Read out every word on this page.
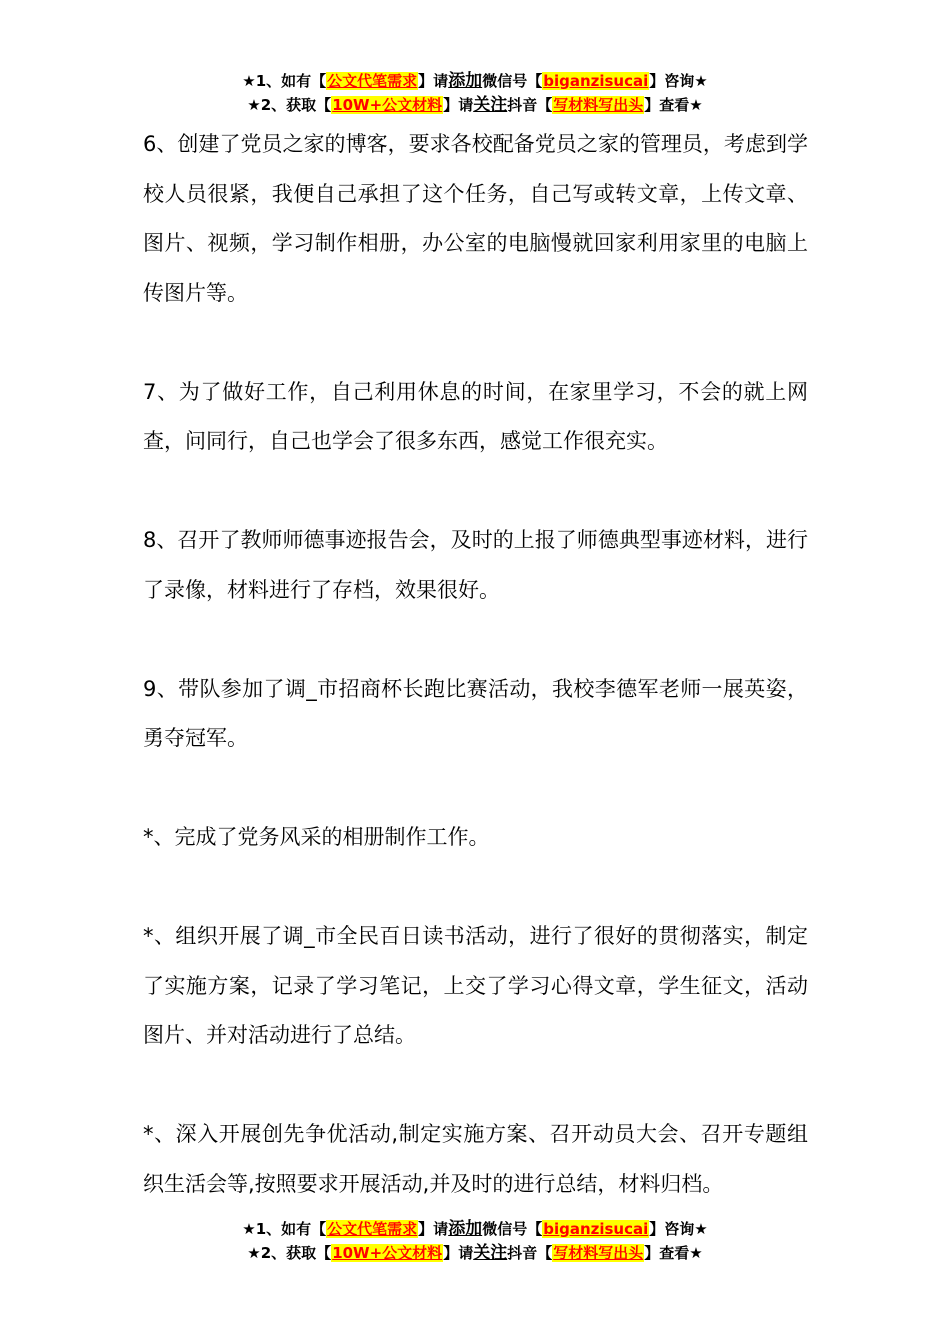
★1、如有【公文代笔需求】请添加微信号【biganzisucai】咨询★
★2、获取【10W+公文材料】请关注抖音【写材料写出头】查看★

6、创建了党员之家的博客，要求各校配备党员之家的管理员，考虑到学校人员很紧，我便自己承担了这个任务，自己写或转文章，上传文章、图片、视频，学习制作相册，办公室的电脑慢就回家利用家里的电脑上传图片等。

7、为了做好工作，自己利用休息的时间，在家里学习，不会的就上网查，问同行，自己也学会了很多东西，感觉工作很充实。

8、召开了教师师德事迹报告会，及时的上报了师德典型事迹材料，进行了录像，材料进行了存档，效果很好。

9、带队参加了调_市招商杯长跑比赛活动，我校李德军老师一展英姿，勇夺冠军。

*、完成了党务风采的相册制作工作。

*、组织开展了调_市全民百日读书活动，进行了很好的贯彻落实，制定了实施方案，记录了学习笔记，上交了学习心得文章，学生征文，活动图片、并对活动进行了总结。

*、深入开展创先争优活动,制定实施方案、召开动员大会、召开专题组织生活会等,按照要求开展活动,并及时的进行总结，材料归档。

★1、如有【公文代笔需求】请添加微信号【biganzisucai】咨询★
★2、获取【10W+公文材料】请关注抖音【写材料写出头】查看★
